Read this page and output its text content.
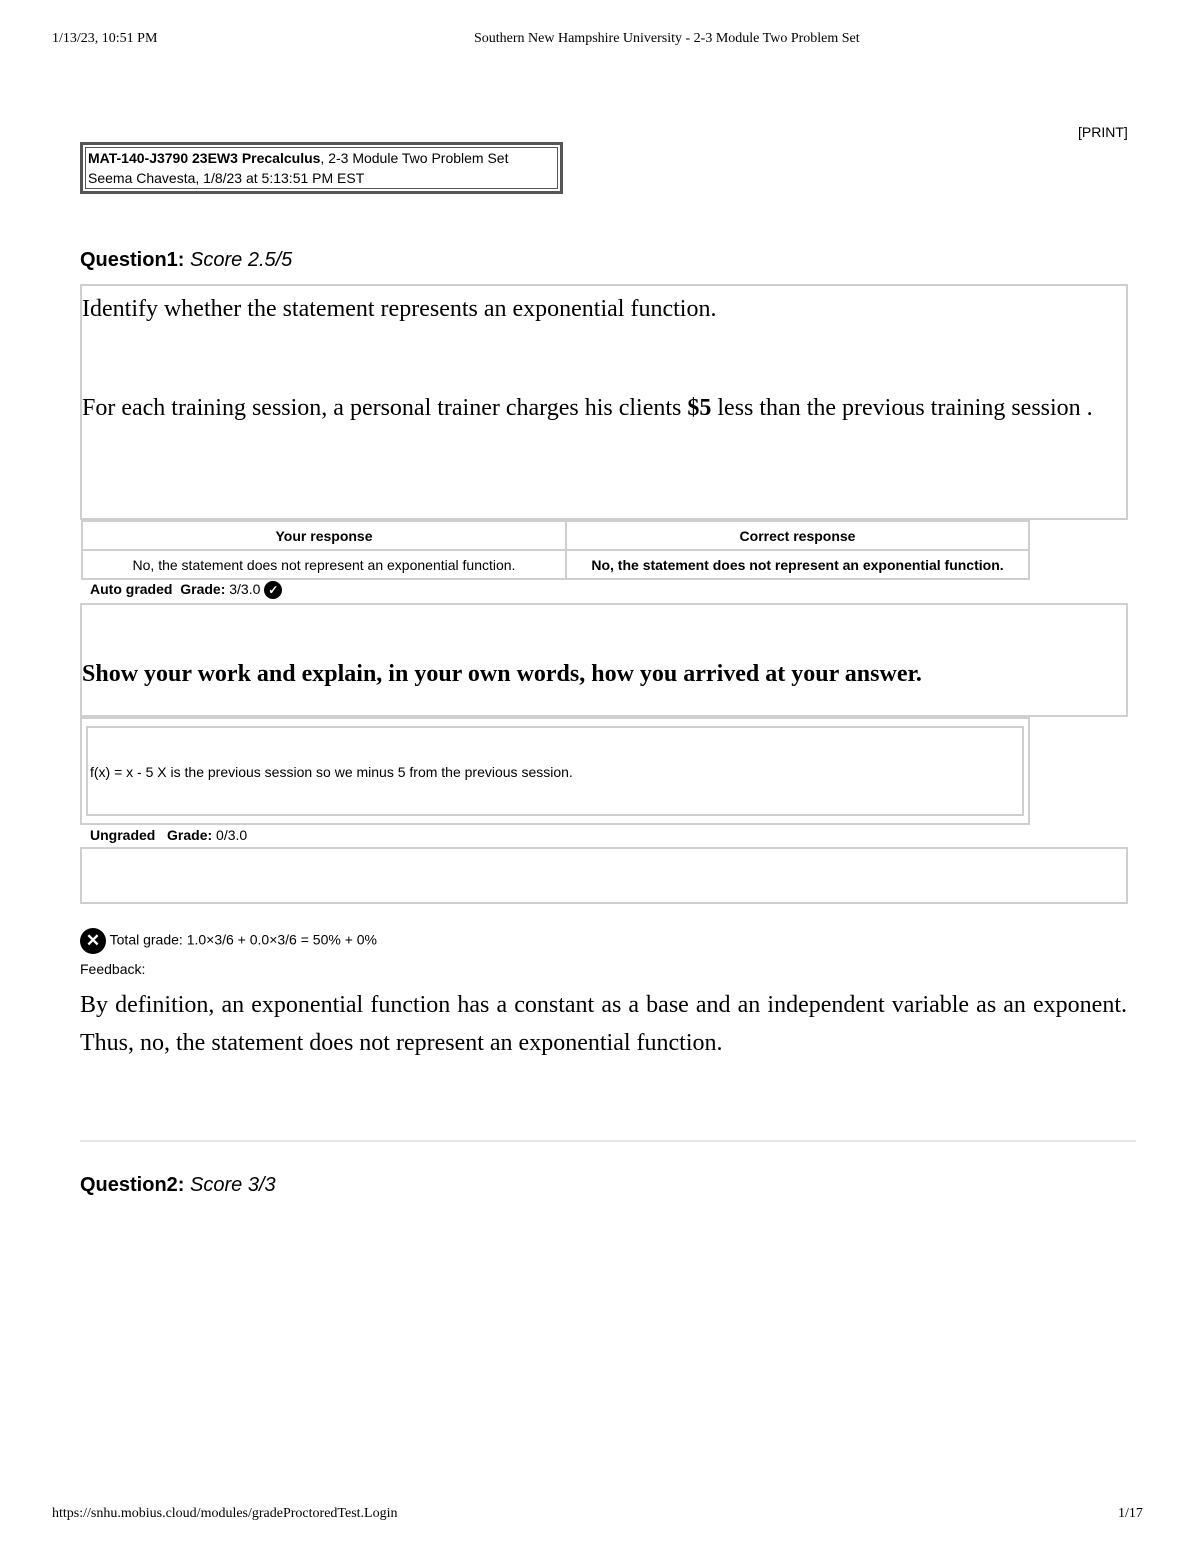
1/13/23, 10:51 PM	Southern New Hampshire University - 2-3 Module Two Problem Set
[PRINT]
MAT-140-J3790 23EW3 Precalculus, 2-3 Module Two Problem Set
Seema Chavesta, 1/8/23 at 5:13:51 PM EST
Question1: Score 2.5/5
Identify whether the statement represents an exponential function.
For each training session, a personal trainer charges his clients $5 less than the previous training session .
Your response	Correct response
No, the statement does not represent an exponential function.	No, the statement does not represent an exponential function.
Auto graded Grade: 3/3.0 ✓
Show your work and explain, in your own words, how you arrived at your answer.
f(x) = x - 5 X is the previous session so we minus 5 from the previous session.
Ungraded Grade: 0/3.0
✕ Total grade: 1.0×3/6 + 0.0×3/6 = 50% + 0%
Feedback:
By definition, an exponential function has a constant as a base and an independent variable as an exponent. Thus, no, the statement does not represent an exponential function.
Question2: Score 3/3
https://snhu.mobius.cloud/modules/gradeProctoredTest.Login	1/17
